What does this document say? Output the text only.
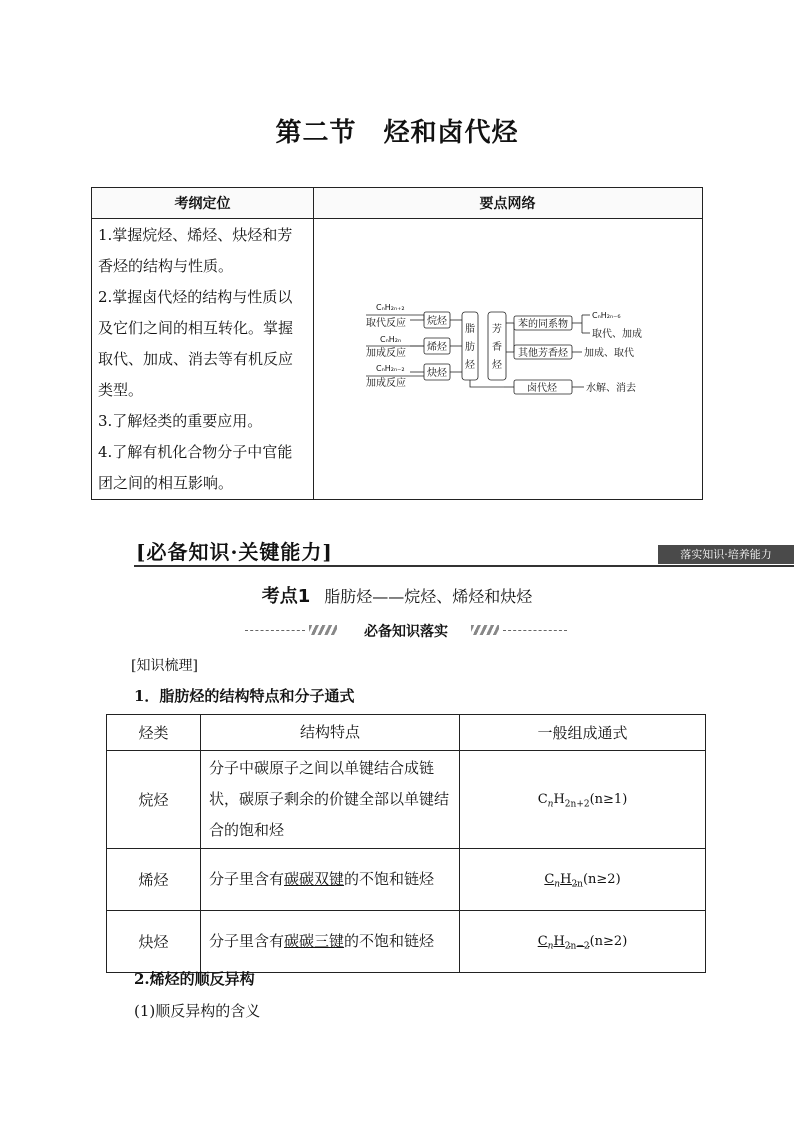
第二节　烃和卤代烃
考纲定位	要点网络
1.掌握烷烃、烯烃、炔烃和芳
香烃的结构与性质。
2.掌握卤代烃的结构与性质以
及它们之间的相互转化。掌握
取代、加成、消去等有机反应
类型。
3.了解烃类的重要应用。
4.了解有机化合物分子中官能
团之间的相互影响。
CₙH₂ₙ₊₂
取代反应
CₙH₂ₙ
加成反应
CₙH₂ₙ₋₂
加成反应
烷烃
烯烃
炔烃
脂
肪
烃
芳
香
烃
苯的同系物
其他芳香烃
卤代烃
CₙH₂ₙ₋₆
取代、加成
加成、取代
水解、消去
[必备知识·关键能力]	落实知识·培养能力
考点1 脂肪烃——烷烃、烯烃和炔烃
必备知识落实
[知识梳理]
1．脂肪烃的结构特点和分子通式
烃类	结构特点	一般组成通式
烷烃	分子中碳原子之间以单键结合成链状，碳原子剩余的价键全部以单键结合的饱和烃	$C_nH_{2n+2}(n\ge 1)$
烯烃	分子里含有碳碳双键的不饱和链烃	$C_nH_{2n}(n\ge 2)$
炔烃	分子里含有碳碳三键的不饱和链烃	$C_nH_{2n-2}(n\ge 2)$
2.烯烃的顺反异构
(1)顺反异构的含义
